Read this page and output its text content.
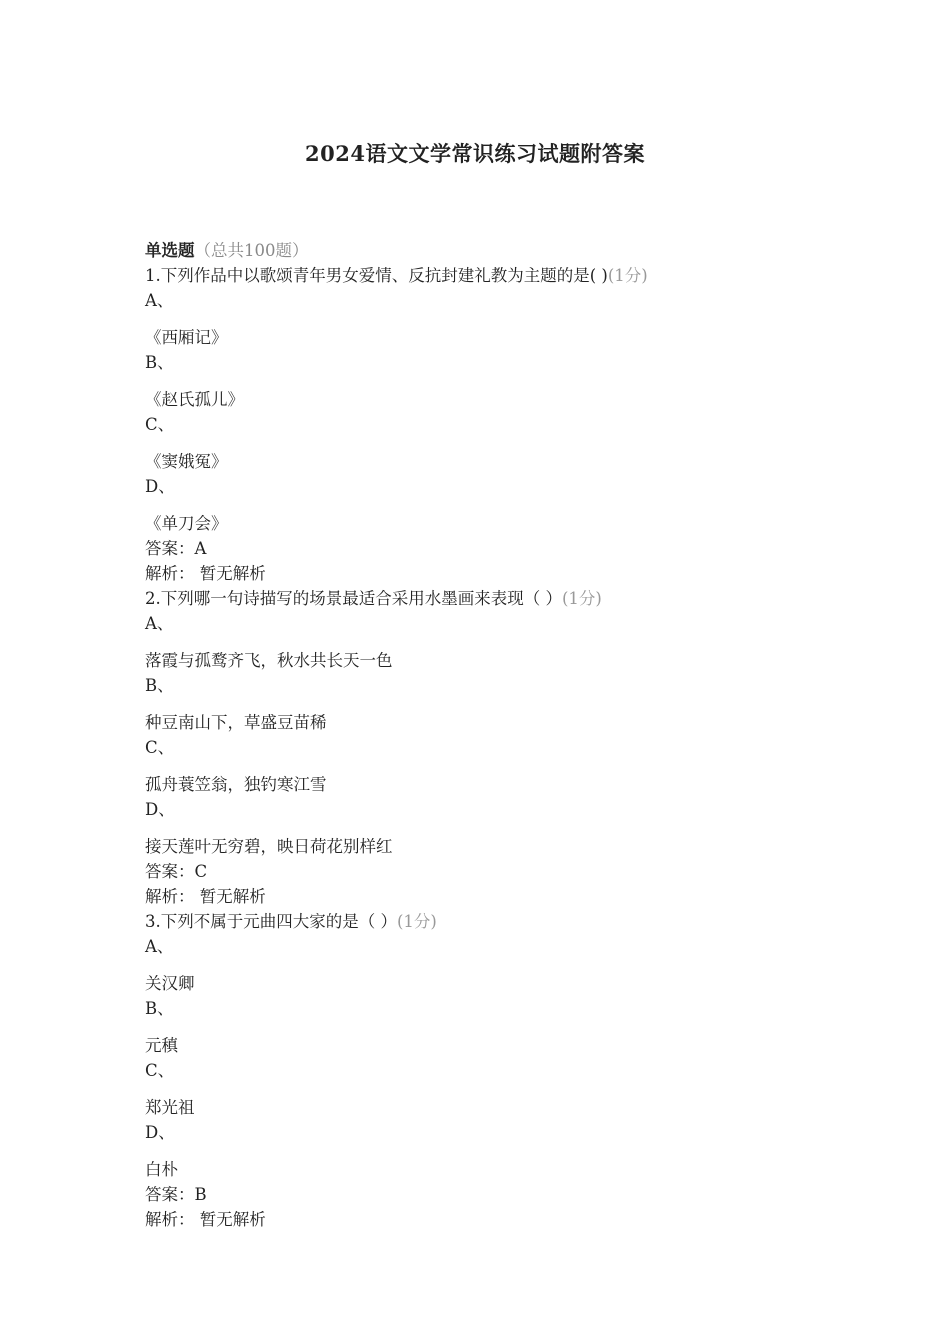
2024语文文学常识练习试题附答案
单选题（总共100题）
1.下列作品中以歌颂青年男女爱情、反抗封建礼教为主题的是( )(1分)
A、
《西厢记》
B、
《赵氏孤儿》
C、
《窦娥冤》
D、
《单刀会》
答案：A
解析： 暂无解析
2.下列哪一句诗描写的场景最适合采用水墨画来表现（ ）(1分)
A、
落霞与孤鹜齐飞，秋水共长天一色
B、
种豆南山下，草盛豆苗稀
C、
孤舟蓑笠翁，独钓寒江雪
D、
接天莲叶无穷碧，映日荷花别样红
答案：C
解析： 暂无解析
3.下列不属于元曲四大家的是（ ）(1分)
A、
关汉卿
B、
元稹
C、
郑光祖
D、
白朴
答案：B
解析： 暂无解析
